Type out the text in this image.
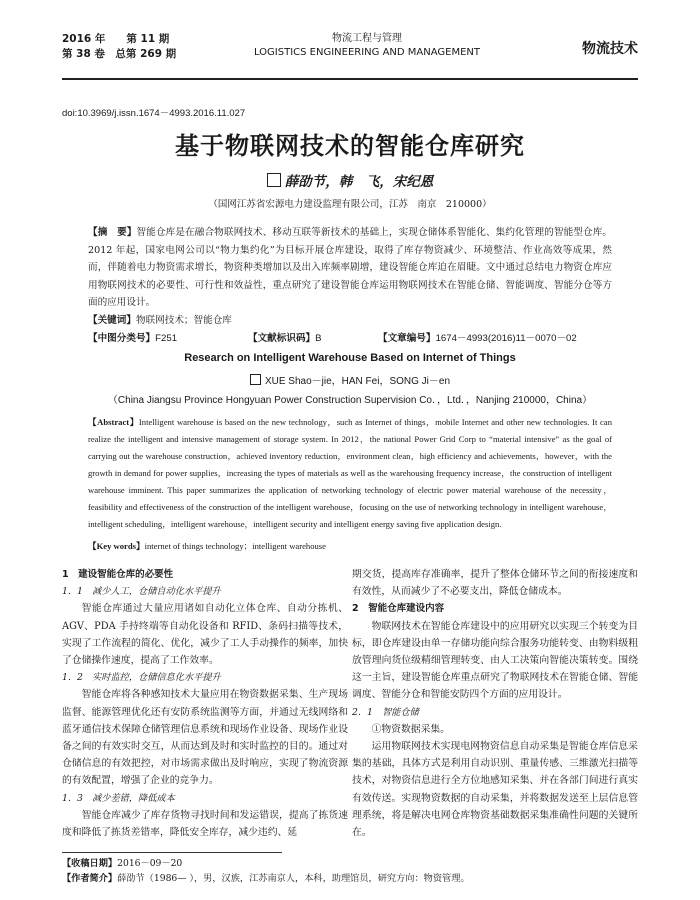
2016 年　　第 11 期
第 38 卷　总第 269 期
物流工程与管理
LOGISTICS ENGINEERING AND MANAGEMENT	物流技术
doi:10.3969/j.issn.1674－4993.2016.11.027
基于物联网技术的智能仓库研究
薛劭节，韩　飞，宋纪恩
（国网江苏省宏源电力建设监理有限公司，江苏　南京　210000）
【摘　要】智能仓库是在融合物联网技术、移动互联等新技术的基础上，实现仓储体系智能化、集约化管理的智能型仓库。2012 年起，国家电网公司以“物力集约化”为目标开展仓库建设，取得了库存物资减少、环境整洁、作业高效等成果，然而，伴随着电力物资需求增长，物资种类增加以及出入库频率剧增，建设智能仓库迫在眉睫。文中通过总结电力物资仓库应用物联网技术的必要性、可行性和效益性，重点研究了建设智能仓库运用物联网技术在智能仓储、智能调度、智能分仓等方面的应用设计。
【关键词】物联网技术；智能仓库
【中图分类号】F251	【文献标识码】B	【文章编号】1674－4993(2016)11－0070－02
Research on Intelligent Warehouse Based on Internet of Things
XUE Shao－jie，HAN Fei，SONG Ji－en
（China Jiangsu Province Hongyuan Power Construction Supervision Co．，Ltd．，Nanjing 210000，China）
【Abstract】Intelligent warehouse is based on the new technology，such as Internet of things，mobile Internet and other new technologies. It can realize the intelligent and intensive management of storage system. In 2012，the national Power Grid Corp to “material intensive” as the goal of carrying out the warehouse construction，achieved inventory reduction，environment clean，high efficiency and achievements，however，with the growth in demand for power supplies，increasing the types of materials as well as the warehousing frequency increase，the construction of intelligent warehouse imminent. This paper summarizes the application of networking technology of electric power material warehouse of the necessity，feasibility and effectiveness of the construction of the intelligent warehouse，focusing on the use of networking technology in intelligent warehouse，intelligent scheduling，intelligent warehouse，intelligent security and intelligent energy saving five application design.
【Key words】internet of things technology；intelligent warehouse

1　建设智能仓库的必要性

1．1　减少人工，仓储自动化水平提升

智能仓库通过大量应用诸如自动化立体仓库、自动分拣机、AGV、PDA 手持终端等自动化设备和 RFID、条码扫描等技术，实现了工作流程的简化、优化，减少了工人手动操作的频率，加快了仓储操作速度，提高了工作效率。

1．2　实时监控，仓储信息化水平提升

智能仓库将各种感知技术大量应用在物资数据采集、生产现场监督、能源管理优化还有安防系统监测等方面，并通过无线网络和蓝牙通信技术保障仓储管理信息系统和现场作业设备、现场作业设备之间的有效实时交互，从而达到及时和实时监控的目的。通过对仓储信息的有效把控，对市场需求做出及时响应，实现了物流资源的有效配置，增强了企业的竞争力。

1．3　减少差错，降低成本

智能仓库减少了库存货物寻找时间和发运错误，提高了拣货速度和降低了拣货差错率，降低安全库存，减少违约、延

期交货，提高库存准确率，提升了整体仓储环节之间的衔接速度和有效性，从而减少了不必要支出，降低仓储成本。

2　智能仓库建设内容

物联网技术在智能仓库建设中的应用研究以实现三个转变为目标，即仓库建设由单一存储功能向综合服务功能转变、由物料级粗放管理向货位级精细管理转变、由人工决策向智能决策转变。围绕这一主旨，建设智能仓库重点研究了物联网技术在智能仓储、智能调度、智能分仓和智能安防四个方面的应用设计。

2．1　智能仓储

①物资数据采集。

运用物联网技术实现电网物资信息自动采集是智能仓库信息采集的基础，具体方式是利用自动识别、重量传感、三维激光扫描等技术，对物资信息进行全方位地感知采集、并在各部门间进行真实有效传送。实现物资数据的自动采集，并将数据发送至上层信息管理系统，将是解决电网仓库物资基础数据采集准确性问题的关键所在。

【收稿日期】2016－09－20
【作者简介】薛劭节（1986— ），男，汉族，江苏南京人，本科，助理馆员，研究方向：物资管理。
